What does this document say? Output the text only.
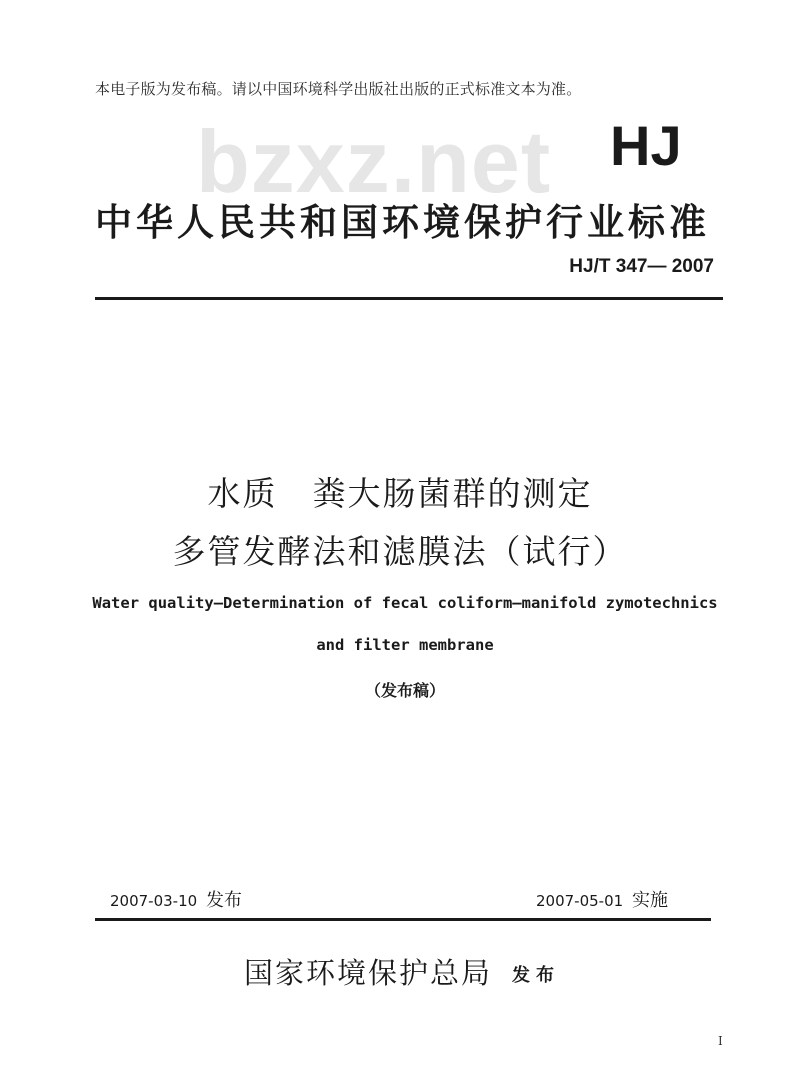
本电子版为发布稿。请以中国环境科学出版社出版的正式标准文本为准。
bzxz.net HJ
中华人民共和国环境保护行业标准
HJ/T 347— 2007
水质　粪大肠菌群的测定
多管发酵法和滤膜法（试行）
Water quality—Determination of fecal coliform—manifold zymotechnics
and filter membrane
（发布稿）
2007-03-10 发布	2007-05-01 实施
国家环境保护总局 发布
I
